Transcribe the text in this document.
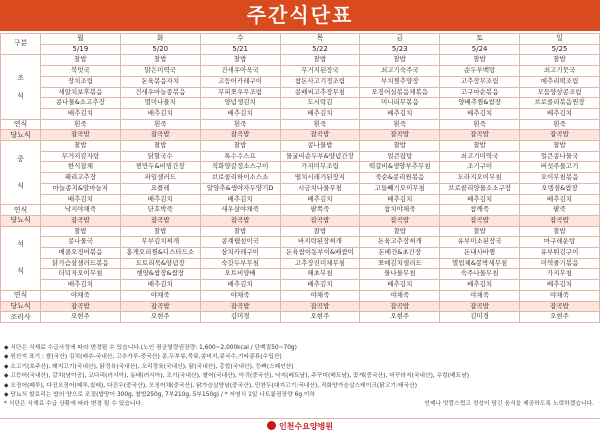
주간식단표
구분	월	화	수	목	금	토	일
	5/19	5/20	5/21	5/22	5/23	5/24	5/25
조

식	찰밥	찰밥	찰밥	찰밥	찰밥	찰밥	찰밥
	북엇국	맑은미역국	건새우아욱국	무거지된장국	쇠고기숙주국	순두부백탕	쇠고기뭇국
	장치조림	돈육볶음자치	고등어카레구이	참돈사고기정조림	부치찜추양장	고추장무조림	메추리떡조림
	새알치보후볶음	건새우마늘종볶음	무피쪼우무조림	콩배씨고추장무침	오징어실볶음채볶음	고구마순볶음	모둠양상콩조림
	콩나물&소고추장	멸미나물치	양념생김치	도시락김	미니리무볶음	양배추찜&쌈장	브로콜리볶음찐장
	배추김치	배추김치	배추김치	배추김치	배추김치	배추김치	배추김치
연식	흰죽	흰죽	흰죽	흰죽	흰죽	흰죽	흰죽
당뇨식	잡곡밥	잡곡밥	잡곡밥	잡곡밥	잡곡밥	잡곡밥	잡곡밥
중

식	찰밥	찰밥	찰밥	콩나물밥	찰밥	찰밥	찰밥
	무거지감자탕	닭할국수	톡수수스프	물굴비순두부&양념간장	얼큰잡탕	쇠고기미역국	얼큰콩나물국
	한식잡채	찐만두&비빔간장	직화양갈정소스구이	가지미무조림	떡갈비&생양부추무침	조기구이	버섯주물고기
	패리고추장	파일샐러드	브로콜리하이소스소	떨치시래기된장지	죽순&콩리원볶음	도라지오이무침	오이무침볶음
	마늘종지&알마늘지	요플레	알양추&생야자두양기D	시금치나물무침	고들빼기오이무침	브로콜리양물소소구장	오뎅점&쌈장
	배추김치	배추김치	배추김치	배추김치	배추김치	배추김치	배추김치
연식	낙지야채죽	단호박죽	새우살야채죽	팥쪽죽	참치야채죽	참깨죽	팥죽
당뇨식	잡곡밥	잡곡밥	잡곡밥	잡곡밥	잡곡밥	잡곡밥	잡곡밥
석

식	찰밥	찰밥	찰밥	찰밥	찰밥	찰밥	찰밥
	콩나물국	무부김치찌개	콩계웹섬이국	바지락된장찌개	돈육고추장찌개	유부미소된장국	마구레운탕
	매콤오징어볶음	홍게오리찜&디스타드소	삼치카레구이	돈육쌈이동부이&배쌈이	돈배건&초간장	돈내사바찜	유부튀김구이
	닭가슴살샐러드볶음	도토리묵&양념장	숙갓두부무침	고추장진미채무침	쪼매김치샐러드	멸업체&봉박세무침	미역줄기볶음
	더덕자오이무침	햇양&쌈장&쌈장	오트비양배	해초무침	물나물무침	숙주나물무침	가지무침
	배추김치	배추김치	배추김치	배추김치	배추김치	배추김치	배추김치
연식	야채죽	야채죽	야채죽	야채죽	야채죽	야채죽	야채죽
당뇨식	잡곡밥	잡곡밥	잡곡밥	잡곡밥	잡곡밥	잡곡밥	잡곡밥
조리사	오현주	오현주	김미경	오현주	오현주	김미경	오현주
◆ 식단은 식재료 수급사정에 따라 변경될 수 있습니다.(노인 평균열량권장량: 1,600~2,000kcal / 단백질50~70g)
◆ 원산지 표기 : 쌀(국산) 김치(배추-국내산, 고추가루-중국산) 콩,두부류,묵류,콩비지,콩국수,기타콩류(수입산)
◆ 소고기(호주산), 돼지고기(국내산), 닭정육(국내산), 오리정육(국내산), 닭(국내산), 홍합(국내산), 등뼈(스페인산)
◆ 고등어(국내산), 갈치(남아공), 코다리(러시아), 동태(러시아), 조기(국내산), 쌀어(국내산), 아귀(중국산), 낙지(베트남), 주꾸미(베트남), 꽃게(중국산), 미꾸라지(국내산), 우렁(베트남)
◆ 오징어(페루), 다진오징어(페루,칠레), 다진우(중국산), 오징어채(중국산), 닭가슴살양념(중국산), 민찬두(대지고기:국내산), 직화양가슴살스테이크(닭고기:태국산)
◆ 당뇨식 할로리는 밥의 양으로 조절(밥양이 300g, 찰밥250g, 7부210g, 5부150g) / * 저염식 1일 나트륨권장량 6g 이하
* 식단은 식재료 수급 상황에 따라 변경 될 수 있습니다.	언제나 맛깔스럽고 정성이 담긴 음식을 제공하도록 노력하겠습니다.
인천수요양병원
